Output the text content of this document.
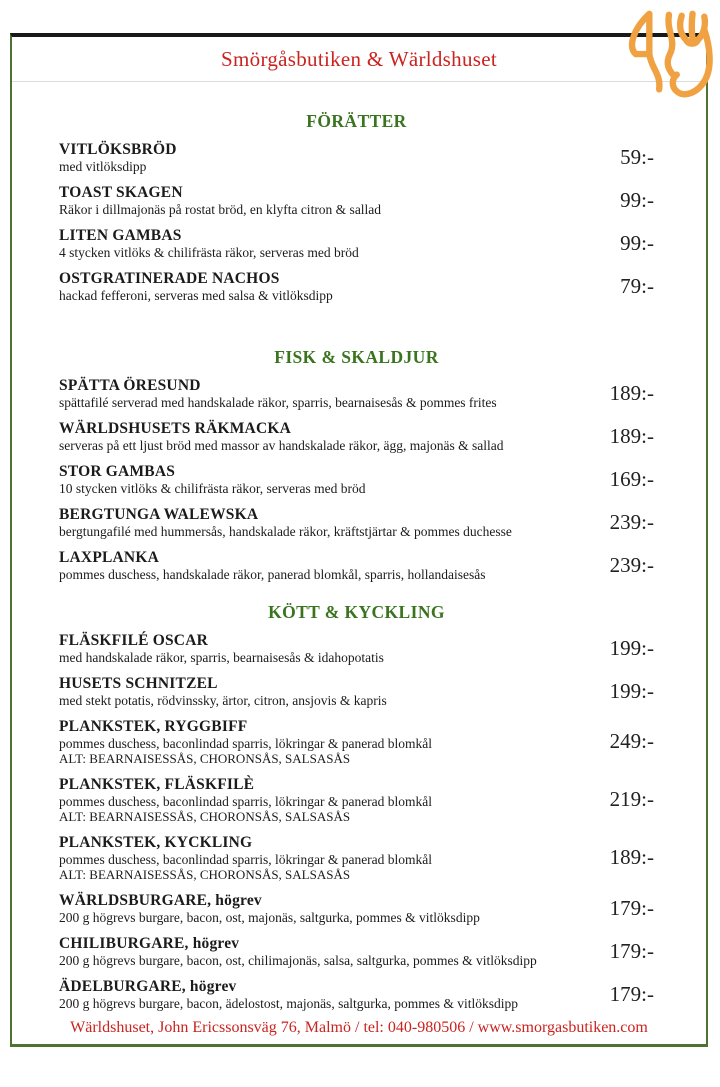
Smörgåsbutiken & Wärldshuset
FÖRÄTTER
VITLÖKSBRÖD
med vitlöksdipp	59:-
TOAST SKAGEN
Räkor i dillmajonäs på rostat bröd, en klyfta citron & sallad	99:-
LITEN GAMBAS
4 stycken vitlöks & chilifrästa räkor, serveras med bröd	99:-
OSTGRATINERADE NACHOS
hackad fefferoni, serveras med salsa & vitlöksdipp	79:-
FISK & SKALDJUR
SPÄTTA ÖRESUND
spättafilé serverad med handskalade räkor, sparris, bearnaisesås & pommes frites	189:-
WÄRLDSHUSETS RÄKMACKA
serveras på ett ljust bröd med massor av handskalade räkor, ägg, majonäs & sallad	189:-
STOR GAMBAS
10 stycken vitlöks & chilifrästa räkor, serveras med bröd	169:-
BERGTUNGA WALEWSKA
bergtungafilé med hummersås, handskalade räkor, kräftstjärtar & pommes duchesse	239:-
LAXPLANKA
pommes duschess, handskalade räkor, panerad blomkål, sparris, hollandaisesås	239:-
KÖTT & KYCKLING
FLÄSKFILÉ OSCAR
med handskalade räkor, sparris, bearnaisesås & idahopotatis	199:-
HUSETS SCHNITZEL
med stekt potatis, rödvinssky, ärtor, citron, ansjovis & kapris	199:-
PLANKSTEK, RYGGBIFF
pommes duschess, baconlindad sparris, lökringar & panerad blomkål
ALT: BEARNAISESSÅS, CHORONSÅS, SALSASÅS
249:-
PLANKSTEK, FLÄSKFILÈ
pommes duschess, baconlindad sparris, lökringar & panerad blomkål
ALT: BEARNAISESSÅS, CHORONSÅS, SALSASÅS
219:-
PLANKSTEK, KYCKLING
pommes duschess, baconlindad sparris, lökringar & panerad blomkål
ALT: BEARNAISESSÅS, CHORONSÅS, SALSASÅS
189:-
WÄRLDSBURGARE, högrev
200 g högrevs burgare, bacon, ost, majonäs, saltgurka, pommes & vitlöksdipp	179:-
CHILIBURGARE, högrev
200 g högrevs burgare, bacon, ost, chilimajonäs, salsa, saltgurka, pommes & vitlöksdipp	179:-
ÄDELBURGARE, högrev
200 g högrevs burgare, bacon, ädelostost, majonäs, saltgurka, pommes & vitlöksdipp	179:-
Wärldshuset, John Ericssonsväg 76, Malmö / tel: 040-980506 / www.smorgasbutiken.com
